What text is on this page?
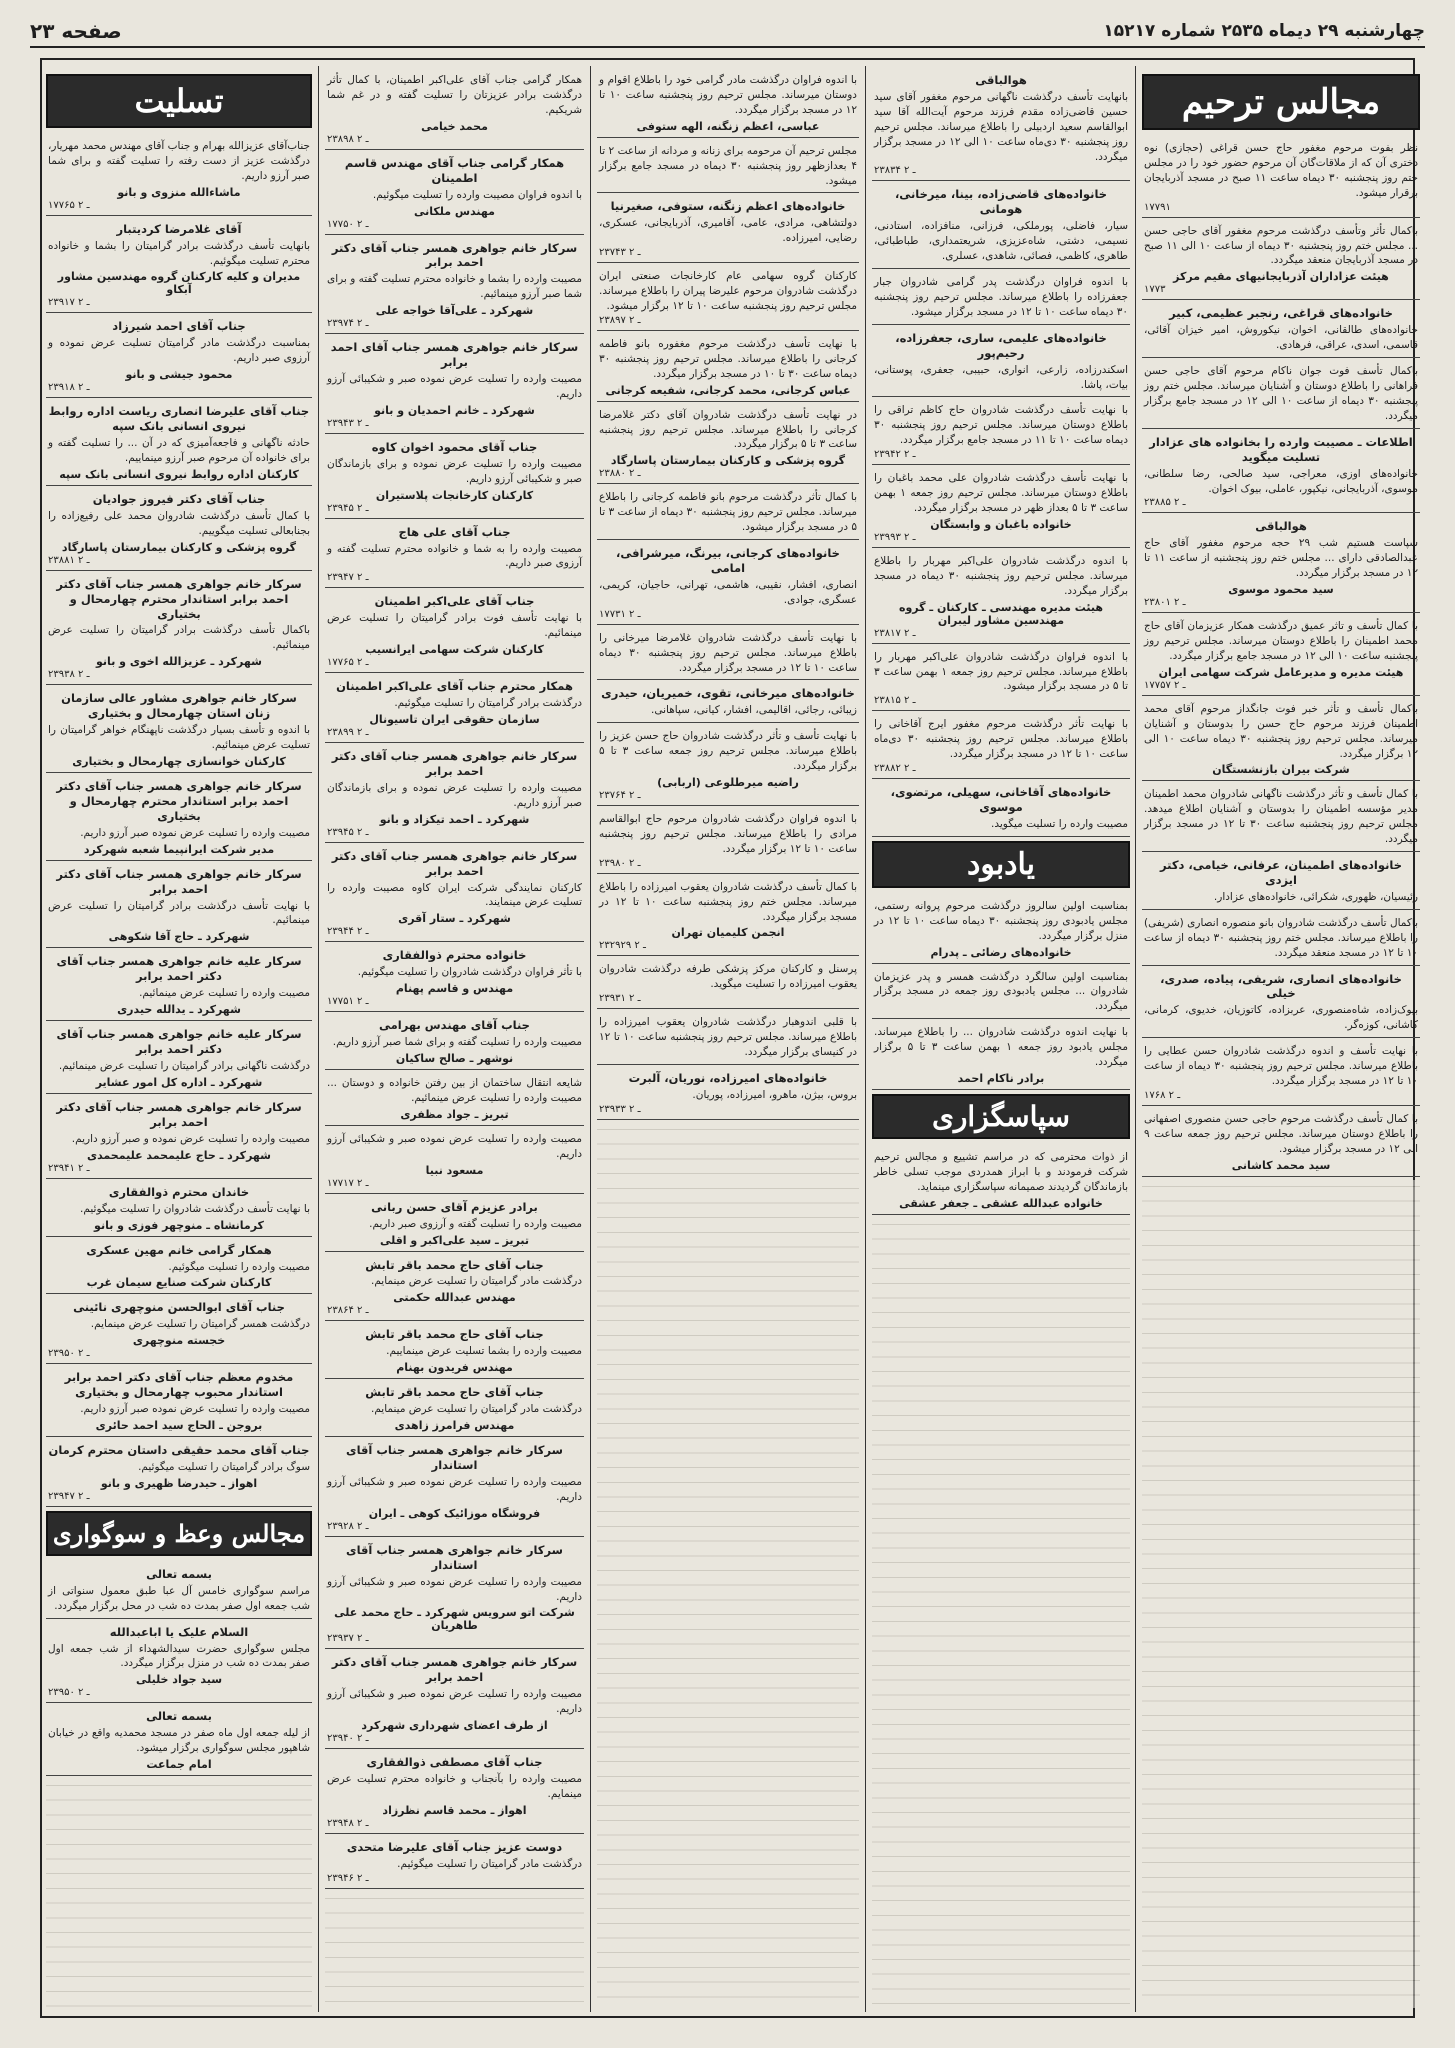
چهارشنبه ۲۹ دیماه ۲۵۳۵ شماره ۱۵۲۱۷
صفحه ۲۳
مجالس ترحیم

نظر بفوت مرحوم مغفور حاج حسن قراغی (حجازی) نوه دختری آن که از ملاقات‌گان آن مرحوم حضور خود را در مجلس ختم روز پنجشنبه ۳۰ دیماه ساعت ۱۱ صبح در مسجد آذربایجان برقرار میشود.

۱۷۷۹۱

باکمال تأثر وتأسف درگذشت مرحوم مغفور آقای حاجی حسن ... مجلس ختم روز پنجشنبه ۳۰ دیماه از ساعت ۱۰ الی ۱۱ صبح در مسجد آذربایجان منعقد میگردد.

هیئت عزاداران آذربایجانیهای مقیم مرکز
۱۷۷۳
خانواده‌های قراغی، رنجبر عظیمی، کبیر

خانواده‌های طالقانی، اخوان، نیکوروش، امیر خیزان آقائی، قاسمی، اسدی، عراقی، فرهادی.

باکمال تأسف فوت جوان ناکام مرحوم آقای حاجی حسن فراهانی را باطلاع دوستان و آشنایان میرساند. مجلس ختم روز پنجشنبه ۳۰ دیماه از ساعت ۱۰ الی ۱۲ در مسجد جامع برگزار میگردد.

اطلاعات ـ مصیبت وارده را بخانواده های عزادار تسلیت میگوید

خانواده‌های اوزی، معراجی، سید صالحی، رضا سلطانی، موسوی، آذربایجانی، نیکپور، عاملی، بیوک اخوان.

۲۳۸۸۵ ـ ۲
هوالباقی

سپاست هستیم شب ۲۹ حجه مرحوم مغفور آقای حاج عبدالصادقی دارای ... مجلس ختم روز پنجشنبه از ساعت ۱۱ تا ۱۲ در مسجد برگزار میگردد.

سید محمود موسوی
۲۳۸۰۱ ـ ۲

با کمال تأسف و تاثر عمیق درگذشت همکار عزیزمان آقای حاج محمد اطمینان را باطلاع دوستان میرساند. مجلس ترحیم روز پنجشنبه ساعت ۱۰ الی ۱۲ در مسجد جامع برگزار میگردد.

هیئت مدیره و مدیرعامل شرکت سهامی ایران
۱۷۷۵۷ ـ ۲

باکمال تأسف و تأثر خبر فوت جانگداز مرحوم آقای محمد اطمینان فرزند مرحوم حاج حسن را بدوستان و آشنایان میرساند. مجلس ترحیم روز پنجشنبه ۳۰ دیماه ساعت ۱۰ الی ۱۲ برگزار میگردد.

شرکت بیران بازنشستگان

با کمال تأسف و تأثر درگذشت ناگهانی شادروان محمد اطمینان مدیر مؤسسه اطمینان را بدوستان و آشنایان اطلاع میدهد. مجلس ترحیم روز پنجشنبه ساعت ۳۰ تا ۱۲ در مسجد برگزار میگردد.

خانواده‌های اطمینان، عرفانی، خیامی، دکتر ایزدی

رئیسیان، ظهوری، شکرائی، خانواده‌های عزادار.

باکمال تأسف درگذشت شادروان بانو منصوره انصاری (شریفی) را باطلاع میرساند. مجلس ختم روز پنجشنبه ۳۰ دیماه از ساعت ۱۰ تا ۱۲ در مسجد منعقد میگردد.

خانواده‌های انصاری، شریفی، پیاده، صدری، خیلی

بیوک‌زاده، شاه‌منصوری، عربزاده، کاتوزیان، خدیوی، کرمانی، کاشانی، کوزه‌گر.

با نهایت تأسف و اندوه درگذشت شادروان حسن عطایی را باطلاع میرساند. مجلس ترحیم روز پنجشنبه ۳۰ دیماه از ساعت ۱۰ تا ۱۲ در مسجد برگزار میگردد.

۱۷۶۸ ـ ۲

با کمال تأسف درگذشت مرحوم حاجی حسن منصوری اصفهانی را باطلاع دوستان میرساند. مجلس ترحیم روز جمعه ساعت ۹ الی ۱۲ در مسجد برگزار میشود.

سید محمد کاشانی
هوالباقی

بانهایت تأسف درگذشت ناگهانی مرحوم مغفور آقای سید حسین قاضی‌زاده مقدم فرزند مرحوم آیت‌الله آقا سید ابوالقاسم سعید اردبیلی را باطلاع میرساند. مجلس ترحیم روز پنجشنبه ۳۰ دی‌ماه ساعت ۱۰ الی ۱۲ در مسجد برگزار میگردد.

۲۳۸۳۴ ـ ۲
خانواده‌های قاضی‌زاده، بینا، میرخانی، هومانی

سیار، فاضلی، پورملکی، فرزانی، منافزاده، استادنی، نسیمی، دشتی، شاه‌عزیزی، شریعتمداری، طباطبائی، طاهری، کاظمی، فصائی، شاهدی، عسلری.

با اندوه فراوان درگذشت پدر گرامی شادروان جبار جعفرزاده را باطلاع میرساند. مجلس ترحیم روز پنجشنبه ۳۰ دیماه ساعت ۱۰ تا ۱۲ در مسجد برگزار میشود.

خانواده‌های علیمی، ساری، جعفرزاده، رحیم‌پور

اسکندرزاده، زارعی، انواری، حبیبی، جعفری، پوستانی، بیات، پاشا.

با نهایت تأسف درگذشت شادروان حاج کاظم تراقی را باطلاع دوستان میرساند. مجلس ترحیم روز پنجشنبه ۳۰ دیماه ساعت ۱۰ تا ۱۱ در مسجد جامع برگزار میگردد.

۲۳۹۴۲ ـ ۲

با نهایت تأسف درگذشت شادروان علی محمد باغبان را باطلاع دوستان میرساند. مجلس ترحیم روز جمعه ۱ بهمن ساعت ۳ تا ۵ بعداز ظهر در مسجد برگزار میگردد.

خانواده باغبان و وابستگان
۲۳۹۹۳ ـ ۲

با اندوه درگذشت شادروان علی‌اکبر مهربار را باطلاع میرساند. مجلس ترحیم روز پنجشنبه ۳۰ دیماه در مسجد برگزار میگردد.

هیئت مدیره مهندسی ـ کارکنان ـ گروه مهندسین مشاور لیبران
۲۳۸۱۷ ـ ۲

با اندوه فراوان درگذشت شادروان علی‌اکبر مهربار را باطلاع میرساند. مجلس ترحیم روز جمعه ۱ بهمن ساعت ۳ تا ۵ در مسجد برگزار میشود.

۲۳۸۱۵ ـ ۲

با نهایت تأثر درگذشت مرحوم مغفور ایرج آقاخانی را باطلاع میرساند. مجلس ترحیم روز پنجشنبه ۳۰ دی‌ماه ساعت ۱۰ تا ۱۲ در مسجد برگزار میگردد.

۲۳۸۸۲ ـ ۲
خانواده‌های آقاخانی، سهیلی، مرتضوی، موسوی

مصیبت وارده را تسلیت میگوید.

یادبود

بمناسبت اولین سالروز درگذشت مرحوم پروانه رستمی، مجلس یادبودی روز پنجشنبه ۳۰ دیماه ساعت ۱۰ تا ۱۲ در منزل برگزار میگردد.

خانواده‌های رضائی ـ پدرام

بمناسبت اولین سالگرد درگذشت همسر و پدر عزیزمان شادروان ... مجلس یادبودی روز جمعه در مسجد برگزار میگردد.

با نهایت اندوه درگذشت شادروان ... را باطلاع میرساند. مجلس یادبود روز جمعه ۱ بهمن ساعت ۳ تا ۵ برگزار میگردد.

برادر ناکام احمد
سپاسگزاری

از ذوات محترمی که در مراسم تشییع و مجالس ترحیم شرکت فرمودند و با ابراز همدردی موجب تسلی خاطر بازماندگان گردیدند صمیمانه سپاسگزاری مینماید.

خانواده عبدالله عشقی ـ جعفر عشقی

با اندوه فراوان درگذشت مادر گرامی خود را باطلاع اقوام و دوستان میرساند. مجلس ترحیم روز پنجشنبه ساعت ۱۰ تا ۱۲ در مسجد برگزار میگردد.

عباسی، اعظم زنگنه، الهه ستوفی

مجلس ترحیم آن مرحومه برای زنانه و مردانه از ساعت ۲ تا ۴ بعدازظهر روز پنجشنبه ۳۰ دیماه در مسجد جامع برگزار میشود.

خانواده‌های اعظم زنگنه، ستوفی، صغیرنیا

دولتشاهی، مرادی، عامی، آقامیری، آذربایجانی، عسکری، رضایی، امیرزاده.

۲۳۷۴۳ ـ ۲

کارکنان گروه سهامی عام کارخانجات صنعتی ایران درگذشت شادروان مرحوم علیرضا پیران را باطلاع میرساند. مجلس ترحیم روز پنجشنبه ساعت ۱۰ تا ۱۲ برگزار میشود.

۲۳۸۹۷ ـ ۲

با نهایت تأسف درگذشت مرحوم مغفوره بانو فاطمه کرجانی را باطلاع میرساند. مجلس ترحیم روز پنجشنبه ۳۰ دیماه ساعت ۳۰ تا ۱۰ در مسجد برگزار میگردد.

عباس کرجانی، محمد کرجانی، شفیعه کرجانی

در نهایت تأسف درگذشت شادروان آقای دکتر غلامرضا کرجانی را باطلاع میرساند. مجلس ترحیم روز پنجشنبه ساعت ۳ تا ۵ برگزار میگردد.

گروه پزشکی و کارکنان بیمارستان پاسارگاد
۲۳۸۸۰ ـ ۲

با کمال تأثر درگذشت مرحوم بانو فاطمه کرجانی را باطلاع میرساند. مجلس ترحیم روز پنجشنبه ۳۰ دیماه از ساعت ۳ تا ۵ در مسجد برگزار میشود.

خانواده‌های کرجانی، بیرنگ، میرشرافی، امامی

انصاری، افشار، نقیبی، هاشمی، تهرانی، حاجیان، کریمی، عسگری، جوادی.

۱۷۷۳۱ ـ ۲

با نهایت تأسف درگذشت شادروان غلامرضا میرخانی را باطلاع میرساند. مجلس ترحیم روز پنجشنبه ۳۰ دیماه ساعت ۱۰ تا ۱۲ در مسجد برگزار میگردد.

خانواده‌های میرخانی، تقوی، خمیریان، حیدری

زیبائی، رجائی، اقالیمی، افشار، کیانی، سپاهانی.

با نهایت تأسف و تأثر درگذشت شادروان حاج حسن عزیز را باطلاع میرساند. مجلس ترحیم روز جمعه ساعت ۳ تا ۵ برگزار میگردد.

راضیه میرطلوعی (اربابی)
۲۳۷۶۴ ـ ۲

با اندوه فراوان درگذشت شادروان مرحوم حاج ابوالقاسم مرادی را باطلاع میرساند. مجلس ترحیم روز پنجشنبه ساعت ۱۰ تا ۱۲ برگزار میگردد.

۲۳۹۸۰ ـ ۲

با کمال تأسف درگذشت شادروان یعقوب امیرزاده را باطلاع میرساند. مجلس ختم روز پنجشنبه ساعت ۱۰ تا ۱۲ در مسجد برگزار میگردد.

انجمن کلیمیان تهران
۲۳۲۹۲۹ ـ ۲

پرسنل و کارکنان مرکز پزشکی طرفه درگذشت شادروان یعقوب امیرزاده را تسلیت میگوید.

۲۳۹۳۱ ـ ۲

با قلبی اندوهبار درگذشت شادروان یعقوب امیرزاده را باطلاع میرساند. مجلس ترحیم روز پنجشنبه ساعت ۱۰ تا ۱۲ در کنیسای برگزار میگردد.

خانواده‌های امیرزاده، نوریان، آلبرت

بروس، بیژن، ماهرو، امیرزاده، پوریان.

۲۳۹۳۳ ـ ۲

همکار گرامی جناب آقای علی‌اکبر اطمینان، با کمال تأثر درگذشت برادر عزیزتان را تسلیت گفته و در غم شما شریکیم.

محمد خیامی
۲۳۸۹۸ ـ ۲
همکار گرامی جناب آقای مهندس قاسم اطمینان

با اندوه فراوان مصیبت وارده را تسلیت میگوئیم.

مهندس ملکانی
۱۷۷۵۰ ـ ۲
سرکار خانم جواهری همسر جناب آقای دکتر احمد برابر

مصیبت وارده را بشما و خانواده محترم تسلیت گفته و برای شما صبر آرزو مینمائیم.

شهرکرد ـ علی‌آقا خواجه علی
۲۳۹۷۴ ـ ۲
سرکار خانم جواهری همسر جناب آقای احمد برابر

مصیبت وارده را تسلیت عرض نموده صبر و شکیبائی آرزو داریم.

شهرکرد ـ خانم احمدیان و بانو
۲۳۹۴۳ ـ ۲
جناب آقای محمود اخوان کاوه

مصیبت وارده را تسلیت عرض نموده و برای بازماندگان صبر و شکیبائی آرزو داریم.

کارکنان کارخانجات پلاستیران
۲۳۹۴۵ ـ ۲
جناب آقای علی هاج

مصیبت وارده را به شما و خانواده محترم تسلیت گفته و آرزوی صبر داریم.

۲۳۹۴۷ ـ ۲
جناب آقای علی‌اکبر اطمینان

با نهایت تأسف فوت برادر گرامیتان را تسلیت عرض مینمائیم.

کارکنان شرکت سهامی ایرانسیب
۱۷۷۶۵ ـ ۲
همکار محترم جناب آقای علی‌اکبر اطمینان

درگذشت برادر گرامیتان را تسلیت میگوئیم.

سازمان حقوقی ایران تاسیونال
۲۳۸۹۹ ـ ۲
سرکار خانم جواهری همسر جناب آقای دکتر احمد برابر

مصیبت وارده را تسلیت عرض نموده و برای بازماندگان صبر آرزو داریم.

شهرکرد ـ احمد تیکزاد و بانو
۲۳۹۴۵ ـ ۲
سرکار خانم جواهری همسر جناب آقای دکتر احمد برابر

کارکنان نمایندگی شرکت ایران کاوه مصیبت وارده را تسلیت عرض مینمایند.

شهرکرد ـ ستار آقری
۲۳۹۴۴ ـ ۲
خانواده محترم ذوالفقاری

با تأثر فراوان درگذشت شادروان را تسلیت میگوئیم.

مهندس و قاسم پهنام
۱۷۷۵۱ ـ ۲
جناب آقای مهندس بهرامی

مصیبت وارده را تسلیت گفته و برای شما صبر آرزو داریم.

نوشهر ـ صالح ساکیان

شایعه انتقال ساختمان از بین رفتن خانواده و دوستان ... مصیبت وارده را تسلیت عرض مینمائیم.

تبریز ـ جواد مظفری

مصیبت وارده را تسلیت عرض نموده صبر و شکیبائی آرزو داریم.

مسعود نبیا
۱۷۷۱۷ ـ ۲
برادر عزیزم آقای حسن ربانی

مصیبت وارده را تسلیت گفته و آرزوی صبر داریم.

تبریز ـ سید علی‌اکبر و اقلی
جناب آقای حاج محمد باقر تابش

درگذشت مادر گرامیتان را تسلیت عرض مینمایم.

مهندس عبدالله حکمتی
۲۳۸۶۴ ـ ۲
جناب آقای حاج محمد باقر تابش

مصیبت وارده را بشما تسلیت عرض مینماییم.

مهندس فریدون بهنام
جناب آقای حاج محمد باقر تابش

درگذشت مادر گرامیتان را تسلیت عرض مینمایم.

مهندس فرامرز زاهدی
سرکار خانم جواهری همسر جناب آقای استاندار

مصیبت وارده را تسلیت عرض نموده صبر و شکیبائی آرزو داریم.

فروشگاه موزائیک کوهی ـ ایران
۲۳۹۲۸ ـ ۲
سرکار خانم جواهری همسر جناب آقای استاندار

مصیبت وارده را تسلیت عرض نموده صبر و شکیبائی آرزو داریم.

شرکت اتو سرویس شهرکرد ـ حاج محمد علی طاهریان
۲۳۹۳۷ ـ ۲
سرکار خانم جواهری همسر جناب آقای دکتر احمد برابر

مصیبت وارده را تسلیت عرض نموده صبر و شکیبائی آرزو داریم.

از طرف اعضای شهرداری شهرکرد
۲۳۹۴۰ ـ ۲
جناب آقای مصطفی ذوالفقاری

مصیبت وارده را بآنجناب و خانواده محترم تسلیت عرض مینمایم.

اهواز ـ محمد قاسم نظرزاد
۲۳۹۴۸ ـ ۲
دوست عزیز جناب آقای علیرضا متحدی

درگذشت مادر گرامیتان را تسلیت میگوئیم.

۲۳۹۴۶ ـ ۲
تسلیت

جناب‌آقای عزیزالله بهرام و جناب آقای مهندس محمد مهریار، درگذشت عزیز از دست رفته را تسلیت گفته و برای شما صبر آرزو داریم.

ماشاءالله منزوی و بانو
۱۷۷۶۵ ـ ۲
آقای غلامرضا کردیتبار

بانهایت تأسف درگذشت برادر گرامیتان را بشما و خانواده محترم تسلیت میگوئیم.

مدیران و کلیه کارکنان گروه مهندسین مشاور آبکاو
۲۳۹۱۷ ـ ۲
جناب آقای احمد شیرزاد

بمناسبت درگذشت مادر گرامیتان تسلیت عرض نموده و آرزوی صبر داریم.

محمود جیشی و بانو
۲۳۹۱۸ ـ ۲
جناب آقای علیرضا انصاری ریاست اداره روابط نیروی انسانی بانک سپه

حادثه ناگهانی و فاجعه‌آمیزی که در آن ... را تسلیت گفته و برای خانواده آن مرحوم صبر آرزو مینماییم.

کارکنان اداره روابط نیروی انسانی بانک سپه
جناب آقای دکتر فیروز جوادیان

با کمال تأسف درگذشت شادروان محمد علی رفیع‌زاده را بجنابعالی تسلیت میگوییم.

گروه پزشکی و کارکنان بیمارستان پاسارگاد
۲۳۸۸۱ ـ ۲
سرکار خانم جواهری همسر جناب آقای دکتر احمد برابر استاندار محترم چهارمحال و بختیاری

باکمال تأسف درگذشت برادر گرامیتان را تسلیت عرض مینمائیم.

شهرکرد ـ عزیزالله اخوی و بانو
۲۳۹۳۸ ـ ۲
سرکار خانم جواهری مشاور عالی سازمان زنان استان چهارمحال و بختیاری

با اندوه و تأسف بسیار درگذشت ناپهنگام خواهر گرامیتان را تسلیت عرض مینمائیم.

کارکنان خوانسازی چهارمحال و بختیاری
سرکار خانم جواهری همسر جناب آقای دکتر احمد برابر استاندار محترم چهارمحال و بختیاری

مصیبت وارده را تسلیت عرض نموده صبر آرزو داریم.

مدیر شرکت ایرانپیما شعبه شهرکرد
سرکار خانم جواهری همسر جناب آقای دکتر احمد برابر

با نهایت تأسف درگذشت برادر گرامیتان را تسلیت عرض مینمائیم.

شهرکرد ـ حاج آقا شکوهی
سرکار علیه خانم جواهری همسر جناب آقای دکتر احمد برابر

مصیبت وارده را تسلیت عرض مینمائیم.

شهرکرد ـ یدالله حیدری
سرکار علیه خانم جواهری همسر جناب آقای دکتر احمد برابر

درگذشت ناگهانی برادر گرامیتان را تسلیت عرض مینمائیم.

شهرکرد ـ اداره کل امور عشایر
سرکار خانم جواهری همسر جناب آقای دکتر احمد برابر

مصیبت وارده را تسلیت عرض نموده و صبر آرزو داریم.

شهرکرد ـ حاج علیمحمد علیمحمدی
۲۳۹۴۱ ـ ۲
خاندان محترم ذوالفقاری

با نهایت تأسف درگذشت شادروان را تسلیت میگوئیم.

کرمانشاه ـ منوچهر فوزی و بانو
همکار گرامی خانم مهین عسکری

مصیبت وارده را تسلیت میگوئیم.

کارکنان شرکت صنایع سیمان غرب
جناب آقای ابوالحسن منوچهری نائینی

درگذشت همسر گرامیتان را تسلیت عرض مینمایم.

خجسته منوچهری
۲۳۹۵۰ ـ ۲
مخدوم معظم جناب آقای دکتر احمد برابر استاندار محبوب چهارمحال و بختیاری

مصیبت وارده را تسلیت عرض نموده صبر آرزو داریم.

بروجن ـ الحاج سید احمد حائری
جناب آقای محمد حقیقی داستان محترم کرمان

سوگ برادر گرامیتان را تسلیت میگوئیم.

اهواز ـ حیدرضا ظهیری و بانو
۲۳۹۴۷ ـ ۲
مجالس وعظ و سوگواری
بسمه تعالی

مراسم سوگواری خامس آل عبا طبق معمول سنواتی از شب جمعه اول صفر بمدت ده شب در محل برگزار میگردد.

السلام علیک یا اباعبدالله

مجلس سوگواری حضرت سیدالشهداء از شب جمعه اول صفر بمدت ده شب در منزل برگزار میگردد.

سید جواد خلیلی
۲۳۹۵۰ ـ ۲
بسمه تعالی

از لیله جمعه اول ماه صفر در مسجد محمدیه واقع در خیابان شاهپور مجلس سوگواری برگزار میشود.

امام جماعت
